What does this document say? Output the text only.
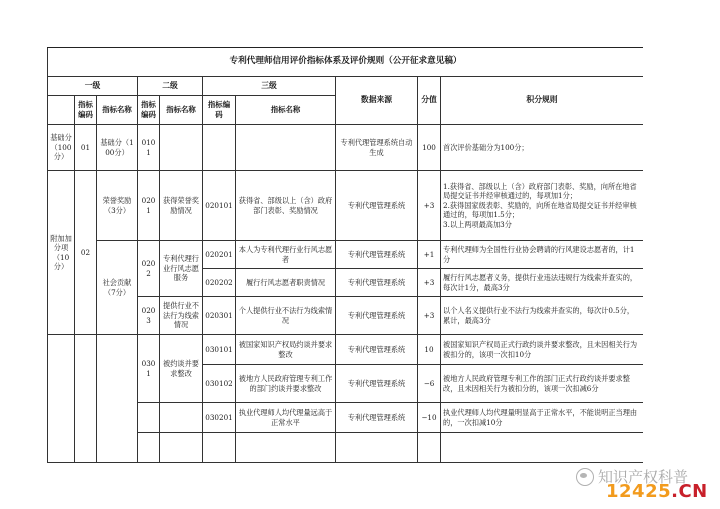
专利代理师信用评价指标体系及评价规则（公开征求意见稿）									
一级			二级		三级		数据来源	分值	积分规则
	指标编码	指标名称	指标编码	指标名称	指标编码	指标名称			
基础分（100分）	01	基础分（100分）	0101				专利代理管理系统自动生成	100	首次评价基础分为100分；
附加加分项（10分）	02	荣誉奖励（3分）	0201	获得荣誉奖励情况	020101	获得省、部级以上（含）政府部门表彰、奖励情况	专利代理管理系统	+3	1.获得省、部级以上（含）政府部门表彰、奖励，向所在地省局提交证书并经审核通过的，每项加1分；
2.获得国家级表彰、奖励的，向所在地省局提交证书并经审核通过的，每项加1.5分；
3.以上两项最高加3分

		社会贡献（7分）	0202	专利代理行业行风志愿服务	020201	本人为专利代理行业行风志愿者	专利代理管理系统	+1	专利代理师为全国性行业协会聘请的行风建设志愿者的，计1分
					020202	履行行风志愿者职责情况	专利代理管理系统	+3	履行行风志愿者义务，提供行业违法违规行为线索并查实的，每次计1分，最高3分
			0203	提供行业不法行为线索情况	020301	个人提供行业不法行为线索情况	专利代理管理系统	+3	以个人名义提供行业不法行为线索并查实的，每次计0.5分，累计，最高3分
			0301	被约谈并要求整改	030101	被国家知识产权局约谈并要求整改	专利代理管理系统	10	被国家知识产权局正式行政约谈并要求整改，且未因相关行为被扣分的，该项一次扣10分
					030102	被地方人民政府管理专利工作的部门约谈并要求整改	专利代理管理系统	−6	被地方人民政府管理专利工作的部门正式行政约谈并要求整改，且未因相关行为被扣分的，该项一次扣减6分
					030201	执业代理师人均代理量远高于正常水平	专利代理管理系统	−10	执业代理师人均代理量明显高于正常水平，不能说明正当理由的，一次扣减10分

知识产权科普
12425.CN
